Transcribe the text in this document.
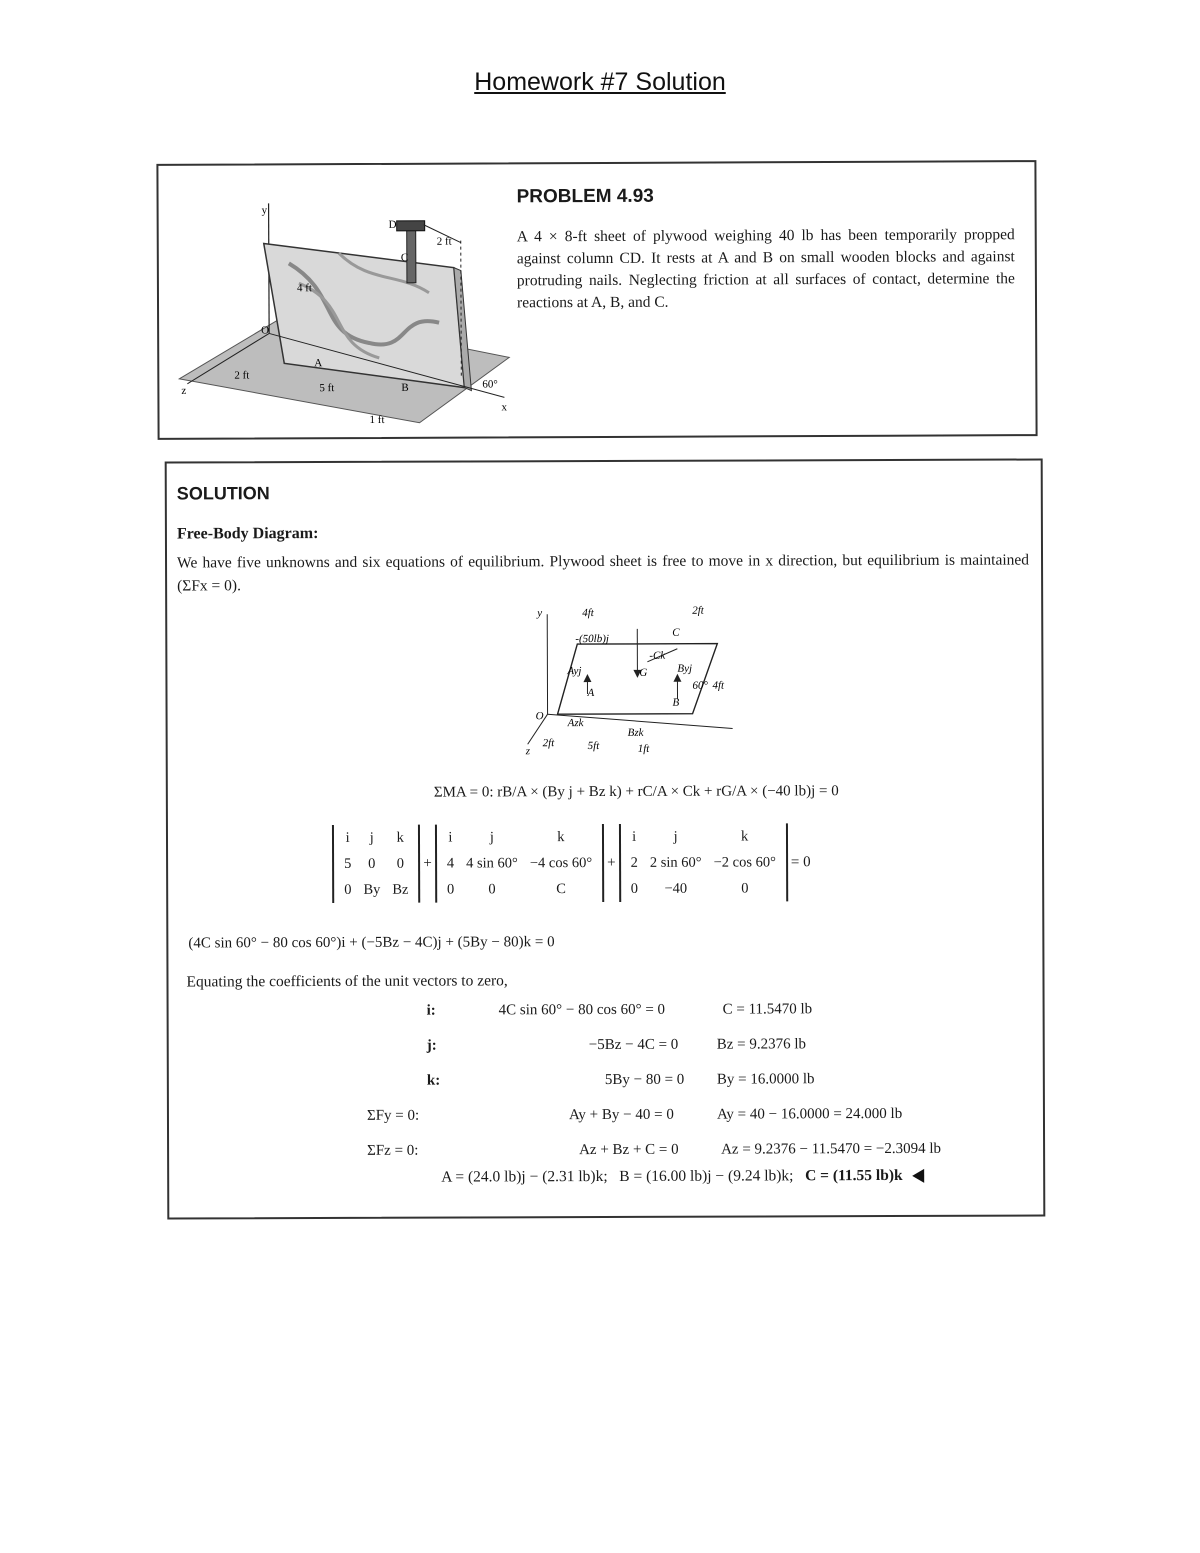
Homework #7 Solution
y
D
C
2 ft
4 ft
O
A
2 ft
5 ft	B	60°
1 ft
z
x
PROBLEM 4.93
A 4 × 8-ft sheet of plywood weighing 40 lb has been temporarily propped against column CD. It rests at A and B on small wooden blocks and against protruding nails. Neglecting friction at all surfaces of contact, determine the reactions at A, B, and C.
SOLUTION
Free-Body Diagram:
We have five unknowns and six equations of equilibrium. Plywood sheet is free to move in x direction, but equilibrium is maintained (ΣFx = 0).
y	4ft	2ft
C
-(50lb)j
-Ck
Ayj	G	Byj
A
60°
B
4ft
O
Azk
Bzk
z
2ft	5ft	1ft
ΣMA = 0: rB/A × (By j + Bz k) + rC/A × Ck + rG/A × (−40 lb)j = 0
i	j	k
5	0	0
0	By	Bz
+
i	j	k
4	4 sin 60°	−4 cos 60°
0	0	C
+
i	j	k
2	2 sin 60°	−2 cos 60°
0	−40	0
= 0
(4C sin 60° − 80 cos 60°)i + (−5Bz − 4C)j + (5By − 80)k = 0
Equating the coefficients of the unit vectors to zero,
i:	4C sin 60° − 80 cos 60° = 0	C = 11.5470 lb
j:	−5Bz − 4C = 0	Bz = 9.2376 lb
k:	5By − 80 = 0 By = 16.0000 lb
ΣFy = 0:	Ay + By − 40 = 0	Ay = 40 − 16.0000 = 24.000 lb
ΣFz = 0:	Az + Bz + C = 0	Az = 9.2376 − 11.5470 = −2.3094 lb
A = (24.0 lb)j − (2.31 lb)k; B = (16.00 lb)j − (9.24 lb)k; C = (11.55 lb)k
